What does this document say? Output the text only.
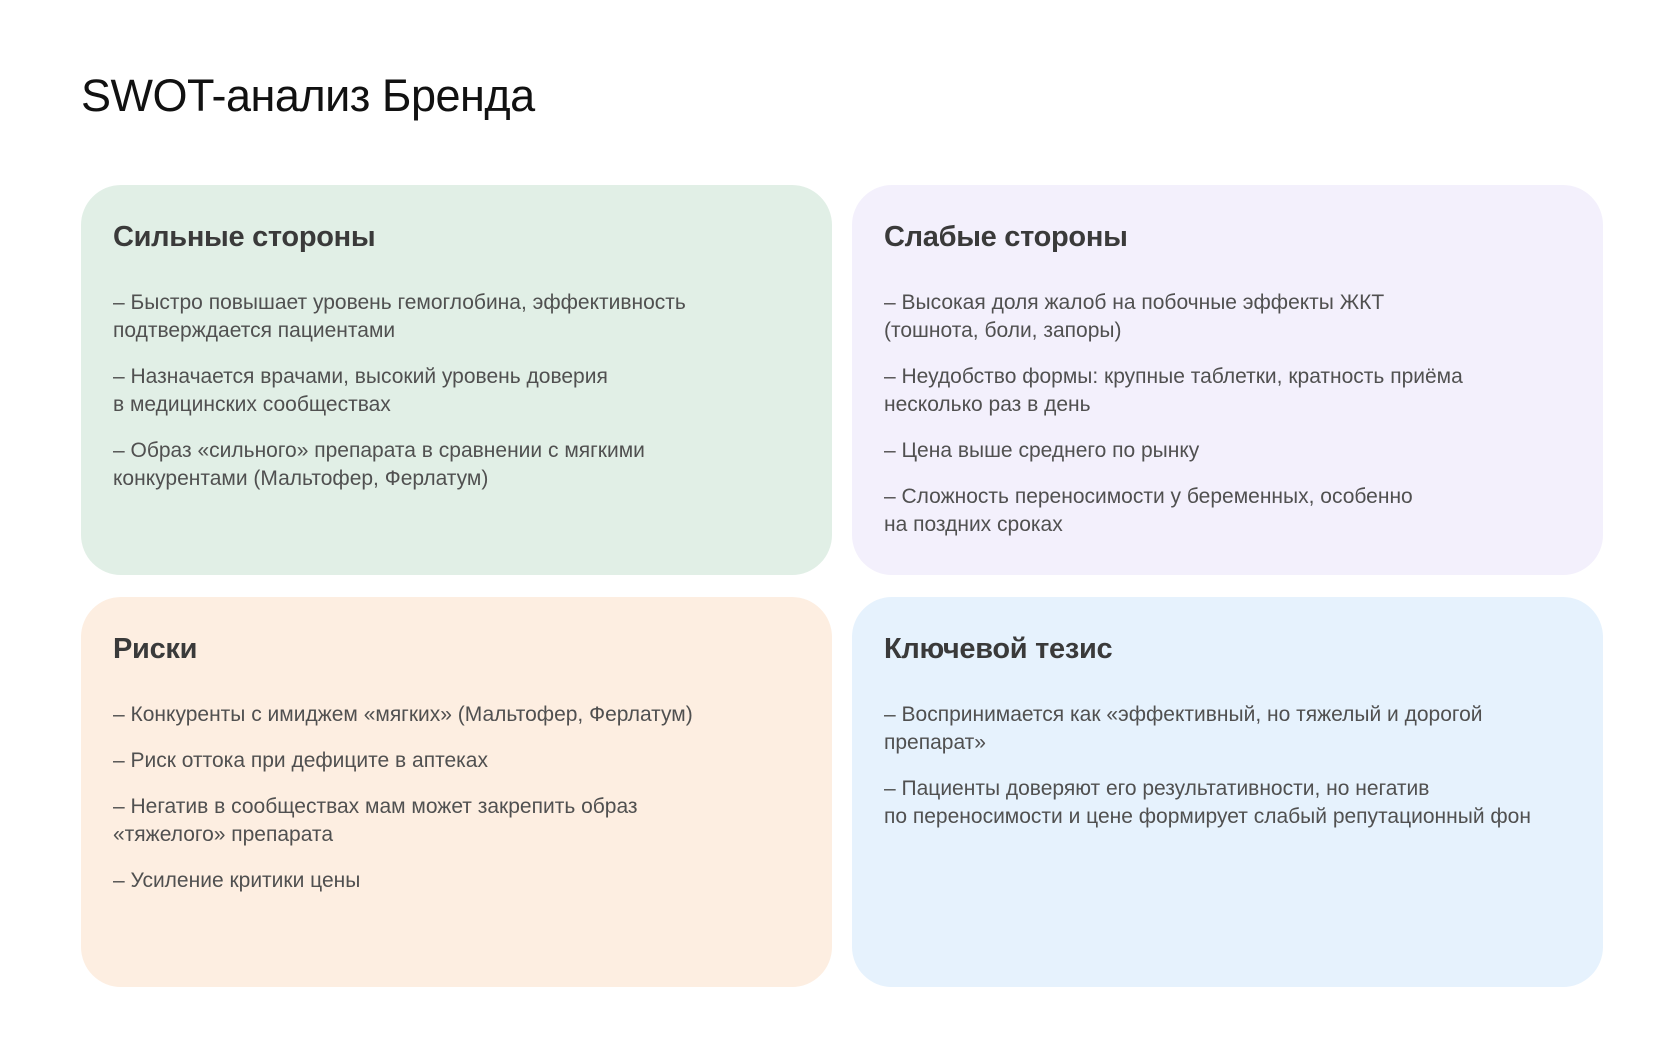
SWOT-анализ Бренда
Сильные стороны
– Быстро повышает уровень гемоглобина, эффективность
подтверждается пациентами
– Назначается врачами, высокий уровень доверия
в медицинских сообществах
– Образ «сильного» препарата в сравнении с мягкими
конкурентами (Мальтофер, Ферлатум)
Слабые стороны
– Высокая доля жалоб на побочные эффекты ЖКТ
(тошнота, боли, запоры)
– Неудобство формы: крупные таблетки, кратность приёма
несколько раз в день
– Цена выше среднего по рынку
– Сложность переносимости у беременных, особенно
на поздних сроках
Риски
– Конкуренты с имиджем «мягких» (Мальтофер, Ферлатум)
– Риск оттока при дефиците в аптеках
– Негатив в сообществах мам может закрепить образ
«тяжелого» препарата
– Усиление критики цены
Ключевой тезис
– Воспринимается как «эффективный, но тяжелый и дорогой
препарат»
– Пациенты доверяют его результативности, но негатив
по переносимости и цене формирует слабый репутационный фон
